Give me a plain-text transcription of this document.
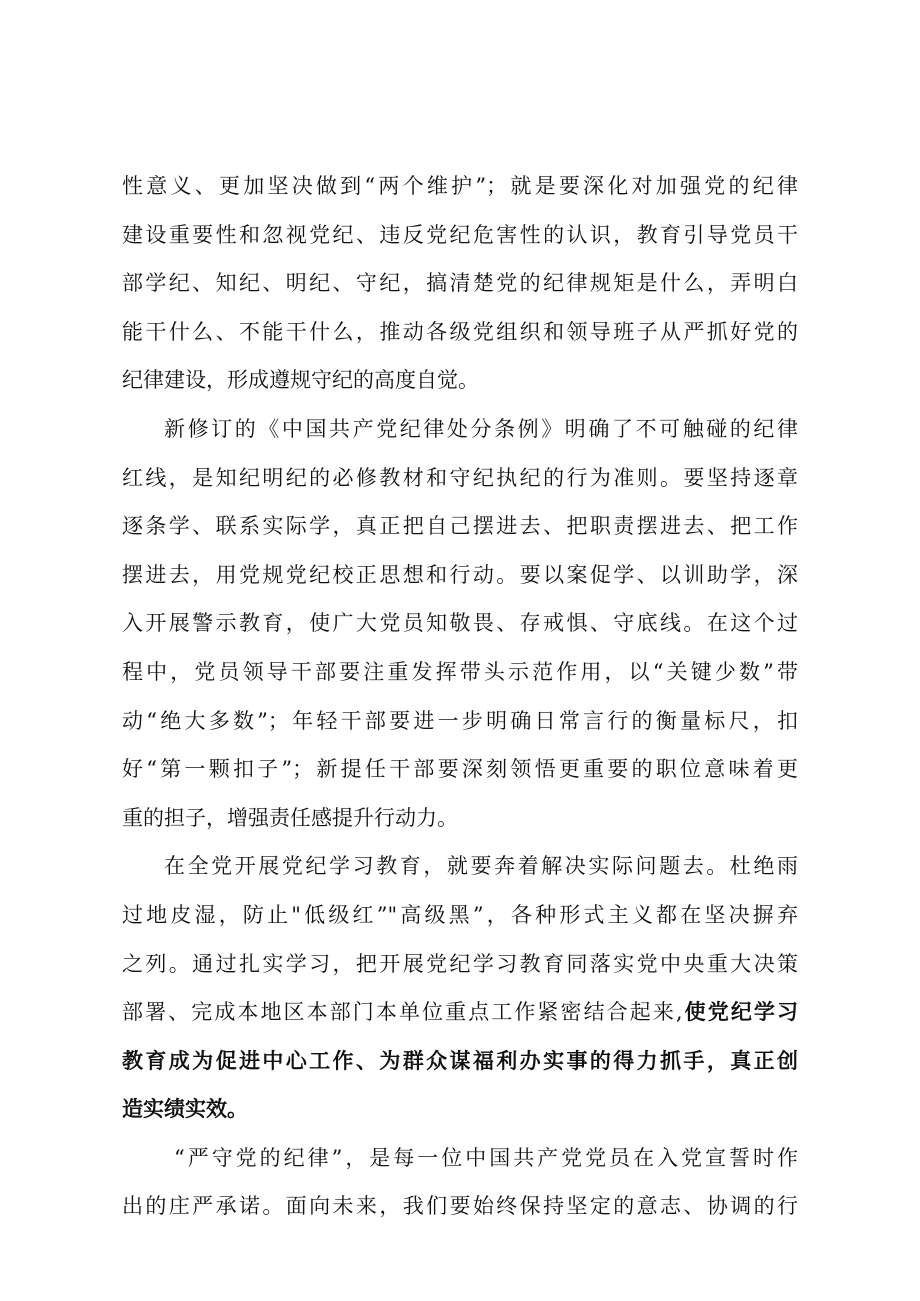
性意义、更加坚决做到“两个维护”；就是要深化对加强党的纪律
建设重要性和忽视党纪、违反党纪危害性的认识，教育引导党员干
部学纪、知纪、明纪、守纪，搞清楚党的纪律规矩是什么，弄明白
能干什么、不能干什么，推动各级党组织和领导班子从严抓好党的
纪律建设，形成遵规守纪的高度自觉。
新修订的《中国共产党纪律处分条例》明确了不可触碰的纪律
红线，是知纪明纪的必修教材和守纪执纪的行为准则。要坚持逐章
逐条学、联系实际学，真正把自己摆进去、把职责摆进去、把工作
摆进去，用党规党纪校正思想和行动。要以案促学、以训助学，深
入开展警示教育，使广大党员知敬畏、存戒惧、守底线。在这个过
程中，党员领导干部要注重发挥带头示范作用，以“关键少数”带
动“绝大多数”；年轻干部要进一步明确日常言行的衡量标尺，扣
好“第一颗扣子”；新提任干部要深刻领悟更重要的职位意味着更
重的担子，增强责任感提升行动力。
在全党开展党纪学习教育，就要奔着解决实际问题去。杜绝雨
过地皮湿，防止"低级红”"高级黑”，各种形式主义都在坚决摒弃
之列。通过扎实学习，把开展党纪学习教育同落实党中央重大决策
部署、完成本地区本部门本单位重点工作紧密结合起来,使党纪学习
教育成为促进中心工作、为群众谋福利办实事的得力抓手，真正创
造实绩实效。
“严守党的纪律”，是每一位中国共产党党员在入党宣誓时作
出的庄严承诺。面向未来，我们要始终保持坚定的意志、协调的行
